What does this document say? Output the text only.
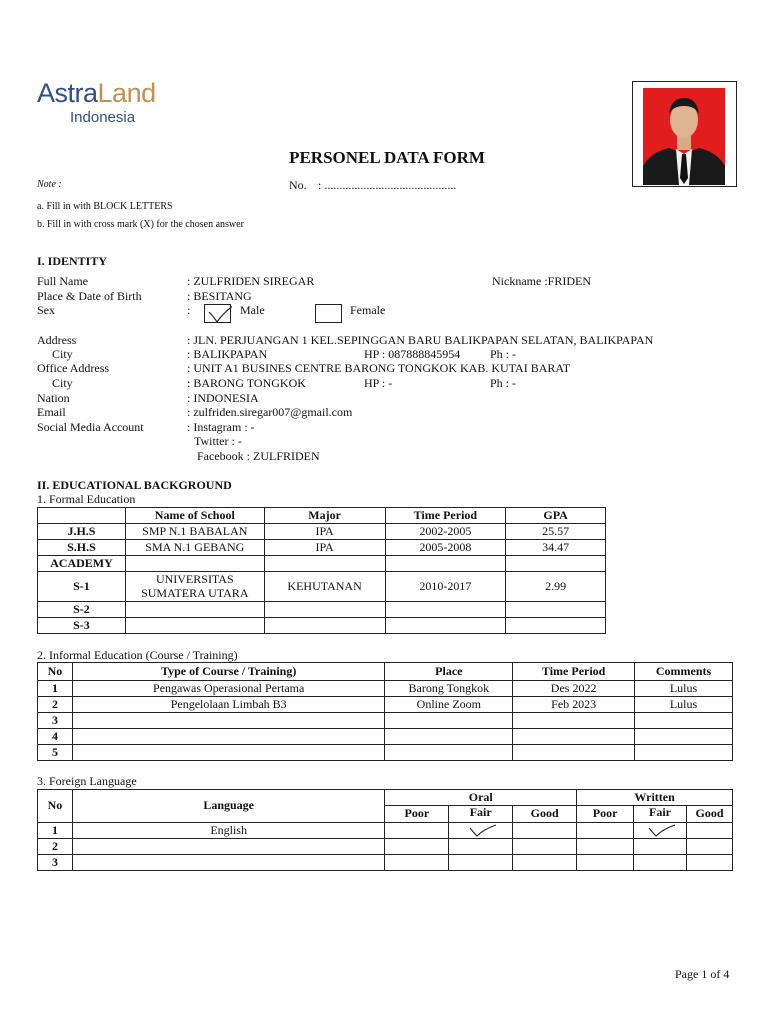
AstraLand
Indonesia
PERSONEL DATA FORM
Note :	No. : ............................................
a. Fill in with BLOCK LETTERS
b. Fill in with cross mark (X) for the chosen answer
I. IDENTITY
Full Name	: ZULFRIDEN SIREGAR	Nickname :FRIDEN
Place & Date of Birth	: BESITANG
Sex	:	Male	Female
Address	: JLN. PERJUANGAN 1 KEL.SEPINGGAN BARU BALIKPAPAN SELATAN, BALIKPAPAN
City	: BALIKPAPAN	HP : 087888845954 Ph : -
Office Address	: UNIT A1 BUSINES CENTRE BARONG TONGKOK KAB. KUTAI BARAT
City	: BARONG TONGKOK	HP : -	Ph : -
Nation	: INDONESIA
Email	: zulfriden.siregar007@gmail.com
Social Media Account	: Instagram : -
Twitter : -
Facebook : ZULFRIDEN
II. EDUCATIONAL BACKGROUND
1. Formal Education
	Name of School	Major	Time Period	GPA
J.H.S	SMP N.1 BABALAN	IPA	2002-2005	25.57
S.H.S	SMA N.1 GEBANG	IPA	2005-2008	34.47
ACADEMY				
S-1	UNIVERSITAS
SUMATERA UTARA	KEHUTANAN	2010-2017	2.99
S-2				
S-3				
2. Informal Education (Course / Training)
No	Type of Course / Training)	Place	Time Period	Comments
1	Pengawas Operasional Pertama	Barong Tongkok	Des 2022	Lulus
2	Pengelolaan Limbah B3	Online Zoom	Feb 2023	Lulus
3				
4				
5				
3. Foreign Language
No	Language	Oral			Written		
		Poor	Fair	Good	Poor	Fair	Good
1	English		

2							
3							
Page 1 of 4
